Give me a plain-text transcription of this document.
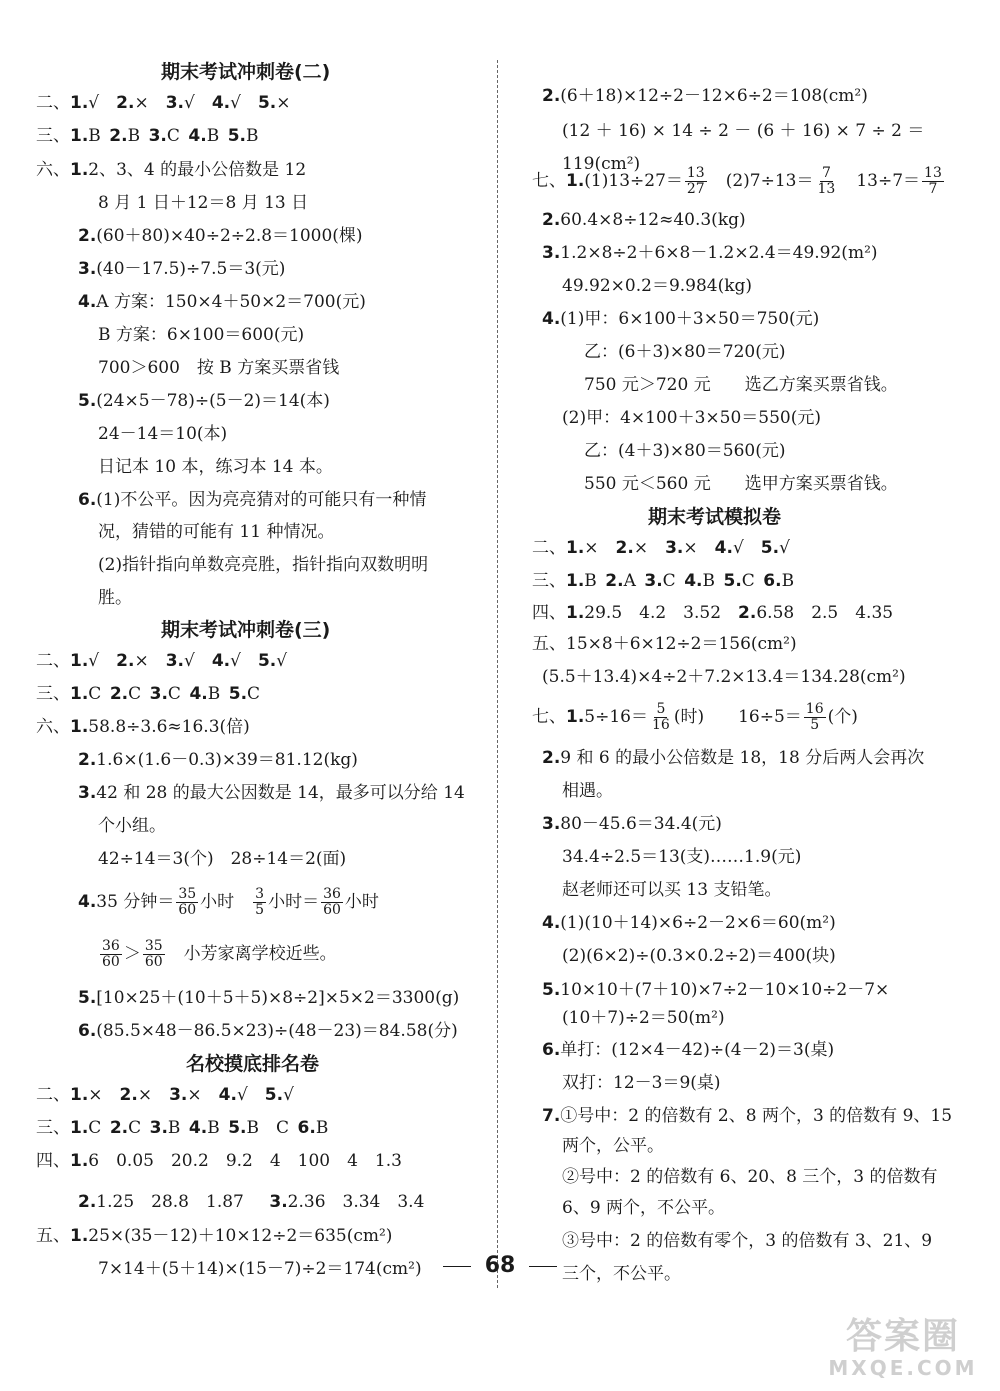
期末考试冲刺卷(二)
二、1.√  2.×  3.√  4.√  5.×
三、1.B  2.B  3.C  4.B  5.B
六、1.2、3、4 的最小公倍数是 12
8 月 1 日＋12＝8 月 13 日
2.(60＋80)×40÷2÷2.8＝1000(棵)
3.(40－17.5)÷7.5＝3(元)
4.A 方案：150×4＋50×2＝700(元)
B 方案：6×100＝600(元)
700＞600　按 B 方案买票省钱
5.(24×5－78)÷(5－2)＝14(本)
24－14＝10(本)
日记本 10 本，练习本 14 本。
6.(1)不公平。因为亮亮猜对的可能只有一种情
况，猜错的可能有 11 种情况。
(2)指针指向单数亮亮胜，指针指向双数明明
胜。
期末考试冲刺卷(三)
二、1.√  2.×  3.√  4.√  5.√
三、1.C  2.C  3.C  4.B  5.C
六、1.58.8÷3.6≈16.3(倍)
2.1.6×(1.6－0.3)×39＝81.12(kg)
3.42 和 28 的最大公因数是 14，最多可以分给 14
个小组。
42÷14＝3(个)　28÷14＝2(面)
4.35 分钟＝ $\frac{35}{60}$ 小时　 $\frac{3}{5}$ 小时＝ $\frac{36}{60}$ 小时
$\frac{36}{60} > \frac{35}{60}$ 　小芳家离学校近些。
5.[10×25＋(10＋5＋5)×8÷2]×5×2＝3300(g)
6.(85.5×48－86.5×23)÷(48－23)＝84.58(分)
名校摸底排名卷
二、1.×  2.×  3.×  4.√  5.√
三、1.C  2.C  3.B  4.B  5.B　C  6.B
四、1.6　0.05　20.2　9.2　4　100　4　1.3
2.1.25　28.8　1.87   3.2.36　3.34　3.4
五、1.25×(35－12)＋10×12÷2＝635(cm²)
7×14＋(5＋14)×(15－7)÷2＝174(cm²)
2.(6＋18)×12÷2－12×6÷2＝108(cm²)
(12 ＋ 16) × 14 ÷ 2 － (6 ＋ 16) × 7 ÷ 2 ＝
119(cm²)
七、$1.(1)13\div 27= \frac{13}{27}$ 　$(2)7\div 13= \frac{7}{13}$ 　$13\div 7= \frac{13}{7}$
2.60.4×8÷12≈40.3(kg)
3.1.2×8÷2＋6×8－1.2×2.4＝49.92(m²)
49.92×0.2＝9.984(kg)
4.(1)甲：6×100＋3×50＝750(元)
乙：(6＋3)×80＝720(元)
750 元＞720 元　　选乙方案买票省钱。
(2)甲：4×100＋3×50＝550(元)
乙：(4＋3)×80＝560(元)
550 元＜560 元　　选甲方案买票省钱。
期末考试模拟卷
二、1.×  2.×  3.×  4.√  5.√
三、1.B  2.A  3.C  4.B  5.C  6.B
四、1.29.5　4.2　3.52  2.6.58　2.5　4.35
五、15×8＋6×12÷2＝156(cm²)
(5.5＋13.4)×4÷2＋7.2×13.4＝134.28(cm²)
七、$1.5\div 16= \frac{5}{16}$ (时)　　$16\div 5= \frac{16}{5}$ (个)
2.9 和 6 的最小公倍数是 18，18 分后两人会再次
相遇。
3.80－45.6＝34.4(元)
34.4÷2.5＝13(支)……1.9(元)
赵老师还可以买 13 支铅笔。
4.(1)(10＋14)×6÷2－2×6＝60(m²)
(2)(6×2)÷(0.3×0.2÷2)＝400(块)
5.10×10＋(7＋10)×7÷2－10×10÷2－7×
(10＋7)÷2＝50(m²)
6.单打：(12×4－42)÷(4－2)＝3(桌)
双打：12－3＝9(桌)
7.①号中：2 的倍数有 2、8 两个，3 的倍数有 9、15
两个，公平。
②号中：2 的倍数有 6、20、8 三个，3 的倍数有
6、9 两个，不公平。
③号中：2 的倍数有零个，3 的倍数有 3、21、9
三个，不公平。
68
答案圈
MXQE.COM
